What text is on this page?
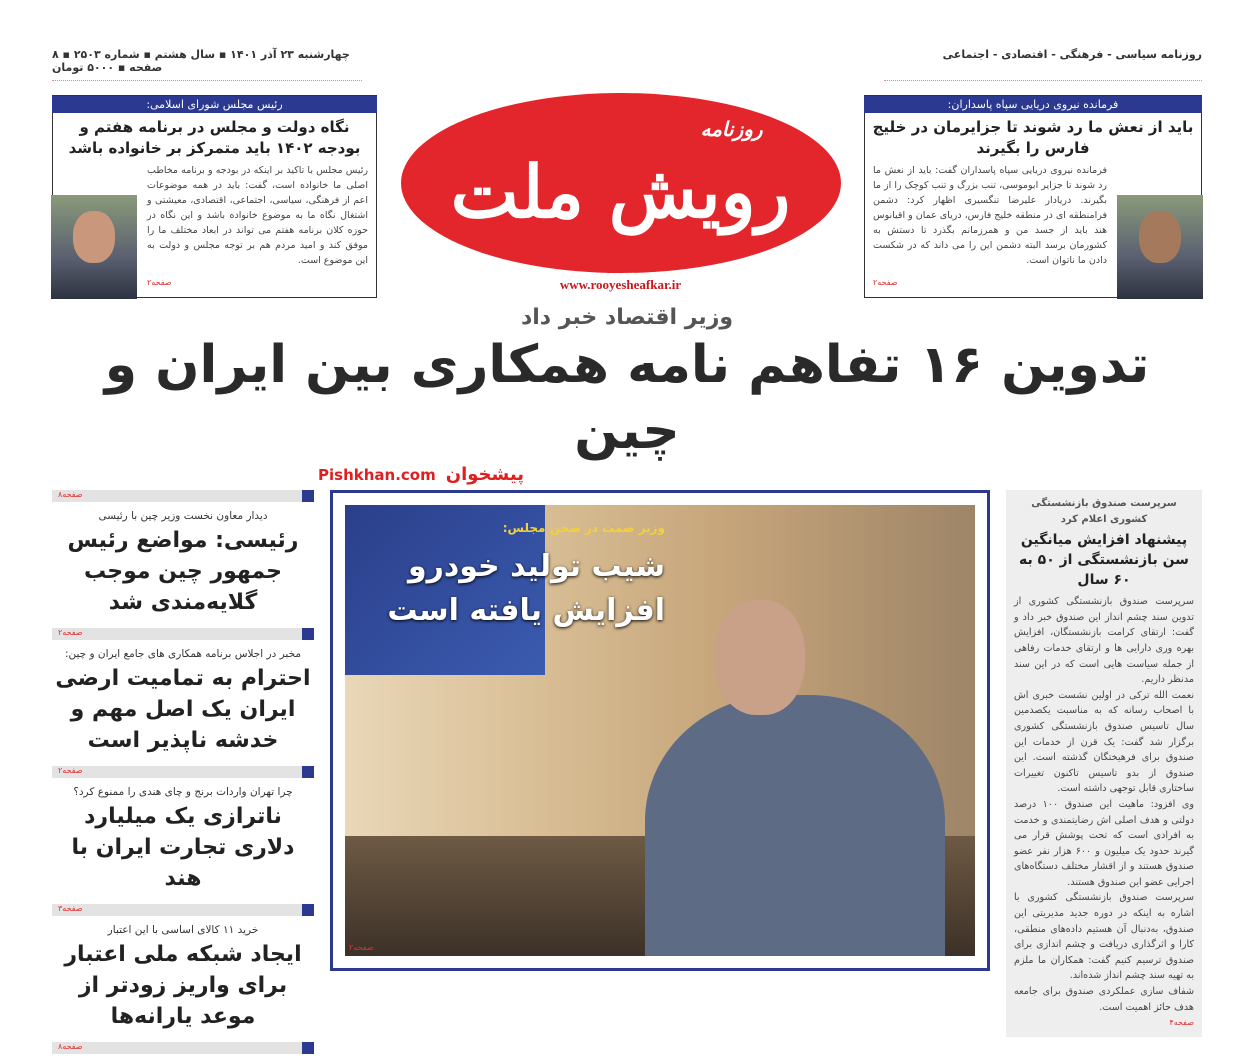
چهارشنبه ۲۳ آذر ۱۴۰۱ ▪ سال هشتم ▪ شماره ۲۵۰۳ ▪ ۸ صفحه ▪ ۵۰۰۰ تومان
روزنامه سیاسی - فرهنگی - اقتصادی - اجتماعی
رئیس مجلس شورای اسلامی:
نگاه دولت و مجلس در برنامه هفتم و بودجه ۱۴۰۲ باید متمرکز بر خانواده باشد

رئیس مجلس با تاکید بر اینکه در بودجه و برنامه مخاطب اصلی ما خانواده است، گفت: باید در همه موضوعات اعم از فرهنگی، سیاسی، اجتماعی، اقتصادی، معیشتی و اشتغال نگاه ما به موضوع خانواده باشد و این نگاه در حوزه کلان برنامه هفتم می تواند در ابعاد مختلف ما را موفق کند و امید مردم هم بر توجه مجلس و دولت به این موضوع است.

صفحه۲
روزنامه
رویش ملت
www.rooyesheafkar.ir
فرمانده نیروی دریایی سپاه پاسداران:
باید از نعش ما رد شوند تا جزایرمان در خلیج فارس را بگیرند

فرمانده نیروی دریایی سپاه پاسداران گفت: باید از نعش ما رد شوند تا جزایر ابوموسی، تنب بزرگ و تنب کوچک را از ما بگیرند. دریادار علیرضا تنگسیری اظهار کرد: دشمن فرامنطقه ای در منطقه خلیج فارس، دریای عمان و اقیانوس هند باید از جسد من و همرزمانم بگذرد تا دستش به کشورمان برسد البته دشمن این را می داند که در شکست دادن ما ناتوان است.

صفحه۲
وزیر اقتصاد خبر داد
تدوین ۱۶ تفاهم نامه همکاری بین ایران و چین
Pishkhan.com پیشخوان
صفحه۸
دیدار معاون نخست وزیر چین با رئیسی
رئیسی: مواضع رئیس جمهور چین موجب گلایه‌مندی شد
صفحه۲
مخبر در اجلاس برنامه همکاری های جامع ایران و چین:
احترام به تمامیت ارضی ایران یک اصل مهم و خدشه ناپذیر است
صفحه۲
چرا تهران واردات برنج و چای هندی را ممنوع کرد؟
ناترازی یک میلیارد دلاری تجارت ایران با هند
صفحه۳
خرید ۱۱ کالای اساسی با این اعتبار
ایجاد شبکه ملی اعتبار برای واریز زودتر از موعد یارانه‌ها
صفحه۸
وزیر صمت در صحن مجلس:
شیب تولید خودرو افزایش یافته است
صفحه۲
سرپرست صندوق بازنشستگی کشوری اعلام کرد
پیشنهاد افزایش میانگین سن بازنشستگی از ۵۰ به ۶۰ سال
سرپرست صندوق بازنشستگی کشوری از تدوین سند چشم انداز این صندوق خبر داد و گفت: ارتقای کرامت بازنشستگان، افزایش بهره وری دارایی ها و ارتقای خدمات رفاهی از جمله سیاست هایی است که در این سند مدنظر داریم.
نعمت الله ترکی در اولین نشست خبری اش با اصحاب رسانه که به مناسبت یکصدمین سال تاسیس صندوق بازنشستگی کشوری برگزار شد گفت: یک قرن از خدمات این صندوق برای فرهیختگان گذشته است. این صندوق از بدو تاسیس تاکنون تغییرات ساختاری قابل توجهی داشته است.
وی افزود: ماهیت این صندوق ۱۰۰ درصد دولتی و هدف اصلی اش رضایتمندی و خدمت به افرادی است که تحت پوشش قرار می گیرند حدود یک میلیون و ۶۰۰ هزار نفر عضو صندوق هستند و از اقشار مختلف دستگاه‌های اجرایی عضو این صندوق هستند.
سرپرست صندوق بازنشستگی کشوری با اشاره به اینکه در دوره جدید مدیریتی این صندوق، به‌دنبال آن هستیم داده‌های منطقی، کارا و اثرگذاری دریافت و چشم اندازی برای صندوق ترسیم کنیم گفت: همکاران ما ملزم به تهیه سند چشم انداز شده‌اند.
شفاف سازی عملکردی صندوق برای جامعه هدف حائز اهمیت است.
صفحه۴
